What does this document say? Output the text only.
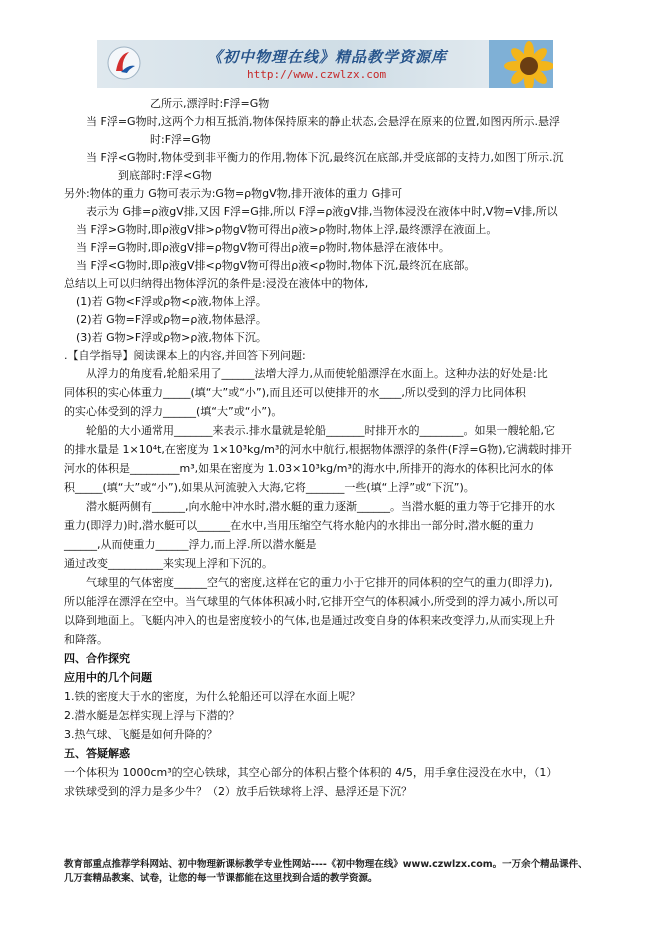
《初中物理在线》精品教学资源库
http://www.czwlzx.com
乙所示,漂浮时:F浮=G物
当 F浮=G物时,这两个力相互抵消,物体保持原来的静止状态,会悬浮在原来的位置,如图丙所示.悬浮
时:F浮=G物
当 F浮<G物时,物体受到非平衡力的作用,物体下沉,最终沉在底部,并受底部的支持力,如图丁所示.沉
到底部时:F浮<G物
另外:物体的重力 G物可表示为:G物=ρ物gV物,排开液体的重力 G排可
表示为 G排=ρ液gV排,又因 F浮=G排,所以 F浮=ρ液gV排,当物体浸没在液体中时,V物=V排,所以
当 F浮>G物时,即ρ液gV排>ρ物gV物可得出ρ液>ρ物时,物体上浮,最终漂浮在液面上。
当 F浮=G物时,即ρ液gV排=ρ物gV物可得出ρ液=ρ物时,物体悬浮在液体中。
当 F浮<G物时,即ρ液gV排<ρ物gV物可得出ρ液<ρ物时,物体下沉,最终沉在底部。
总结以上可以归纳得出物体浮沉的条件是:浸没在液体中的物体,
(1)若 G物<F浮或ρ物<ρ液,物体上浮。
(2)若 G物=F浮或ρ物=ρ液,物体悬浮。
(3)若 G物>F浮或ρ物>ρ液,物体下沉。
.【自学指导】阅读课本上的内容,并回答下列问题:
从浮力的角度看,轮船采用了______法增大浮力,从而使轮船漂浮在水面上。这种办法的好处是:比
同体积的实心体重力_____(填“大”或“小”),而且还可以使排开的水____,所以受到的浮力比同体积
的实心体受到的浮力______(填“大”或“小”)。
轮船的大小通常用_______来表示.排水量就是轮船_______时排开水的________。如果一艘轮船,它
的排水量是 1×10⁴t,在密度为 1×10³kg/m³的河水中航行,根据物体漂浮的条件(F浮=G物),它满载时排开
河水的体积是_________m³,如果在密度为 1.03×10³kg/m³的海水中,所排开的海水的体积比河水的体
积_____(填“大”或“小”),如果从河流驶入大海,它将_______一些(填“上浮”或“下沉”)。
潜水艇两侧有______,向水舱中冲水时,潜水艇的重力逐渐______。当潜水艇的重力等于它排开的水
重力(即浮力)时,潜水艇可以______在水中,当用压缩空气将水舱内的水排出一部分时,潜水艇的重力
______,从而使重力______浮力,而上浮.所以潜水艇是
通过改变__________来实现上浮和下沉的。
气球里的气体密度______空气的密度,这样在它的重力小于它排开的同体积的空气的重力(即浮力),
所以能浮在漂浮在空中。当气球里的气体体积减小时,它排开空气的体积减小,所受到的浮力减小,所以可
以降到地面上。飞艇内冲入的也是密度较小的气体,也是通过改变自身的体积来改变浮力,从而实现上升
和降落。
四、合作探究
应用中的几个问题
1.铁的密度大于水的密度，为什么轮船还可以浮在水面上呢？
2.潜水艇是怎样实现上浮与下潜的？
3.热气球、飞艇是如何升降的？
五、答疑解惑
一个体积为 1000cm³的空心铁球，其空心部分的体积占整个体积的 4/5，用手拿住浸没在水中，（1）
求铁球受到的浮力是多少牛？（2）放手后铁球将上浮、悬浮还是下沉？
教育部重点推荐学科网站、初中物理新课标教学专业性网站----《初中物理在线》www.czwlzx.com。一万余个精品课件、
几万套精品教案、试卷，让您的每一节课都能在这里找到合适的教学资源。
